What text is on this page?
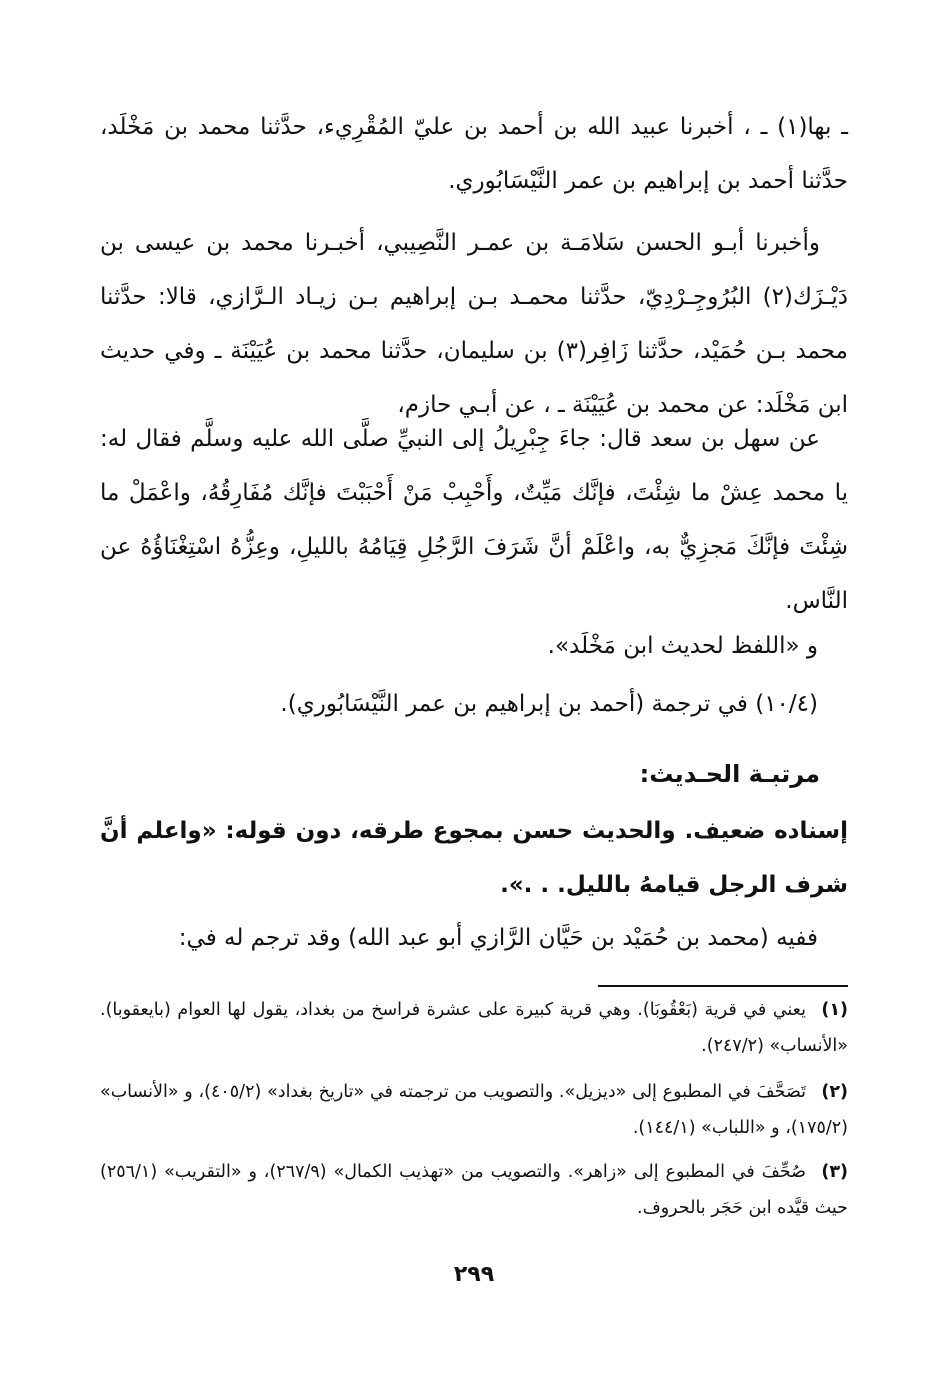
ـ بها(١) ـ ، أخبرنا عبيد الله بن أحمد بن عليّ المُقْرِيء، حدَّثنا محمد بن مَخْلَد، حدَّثنا أحمد بن إبراهيم بن عمر النَّيْسَابُوري.

وأخبرنا أبـو الحسن سَلامَـة بن عمـر النَّصِيبي، أخبـرنا محمد بن عيسى بن دَيْـزَك(٢) البُرُوجِـرْدِيّ، حدَّثنا محمـد بـن إبراهيم بـن زيـاد الـرَّازي، قالا: حدَّثنا محمد بـن حُمَيْد، حدَّثنا زَافِر(٣) بن سليمان، حدَّثنا محمد بن عُيَيْنَة ـ وفي حديث ابن مَخْلَد: عن محمد بن عُيَيْنَة ـ ، عن أبـي حازم،

عن سهل بن سعد قال: جاءَ جِبْرِيلُ إلى النبيِّ صلَّى الله عليه وسلَّم فقال له: يا محمد عِشْ ما شِئْتَ، فإنَّك مَيِّتٌ، وأَحْبِبْ مَنْ أَحْبَبْتَ فإنَّك مُفَارِقُهُ، واعْمَلْ ما شِئْتَ فإنَّكَ مَجزِيٌّ به، واعْلَمْ أنَّ شَرَفَ الرَّجُلِ قِيَامُهُ بالليلِ، وعِزُّهُ اسْتِغْنَاؤُهُ عن النَّاس.

و «اللفظ لحديث ابن مَخْلَد».
(١٠/٤) في ترجمة (أحمد بن إبراهيم بن عمر النَّيْسَابُوري).
مرتبـة الحـديث:

إسناده ضعيف. والحديث حسن بمجوع طرقه، دون قوله: «واعلم أنَّ شرف الرجل قيامهُ بالليل. . .».

ففيه (محمد بن حُمَيْد بن حَيَّان الرَّازي أبو عبد الله) وقد ترجم له في:
(١)يعني في قرية (بَعْقُوبَا). وهي قرية كبيرة على عشرة فراسخ من بغداد، يقول لها العوام (بايعقوبا). «الأنساب» (٢٤٧/٢).
(٢)تَصَحَّفَ في المطبوع إلى «ديزيل». والتصويب من ترجمته في «تاريخ بغداد» (٤٠٥/٢)، و «الأنساب» (١٧٥/٢)، و «اللباب» (١٤٤/١).
(٣)صُحِّفَ في المطبوع إلى «زاهر». والتصويب من «تهذيب الكمال» (٢٦٧/٩)، و «التقريب» (٢٥٦/١) حيث قيَّده ابن حَجَر بالحروف.
٢٩٩
